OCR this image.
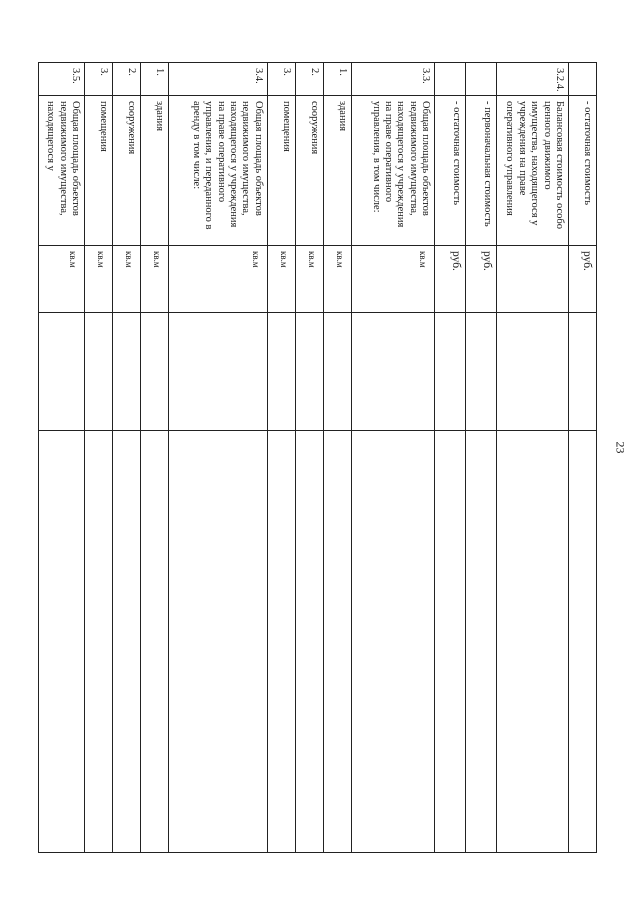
23
	- остаточная стоимость	руб.		
3.2.4.	Балансовая стоимость особо ценного движимого имущества, находящегося у учреждения на праве оперативного управления			
	- первоначальная стоимость	руб.		
	- остаточная стоимость	руб.		
3.3.	Общая площадь объектов недвижимого имущества, находящегося у учреждения на праве оперативного управления, в том числе:	кв.м		
1.	здания	кв.м		
2.	сооружения	кв.м		
3.	помещения	кв.м		
3.4.	Общая площадь объектов недвижимого имущества, находящегося у учреждения на праве оперативного управления, и переданного в аренду в том числе:	кв.м		
1.	здания	кв.м		
2.	сооружения	кв.м		
3.	помещения	кв.м		
3.5.	Общая площадь объектов недвижимого имущества, находящегося у	кв.м		
